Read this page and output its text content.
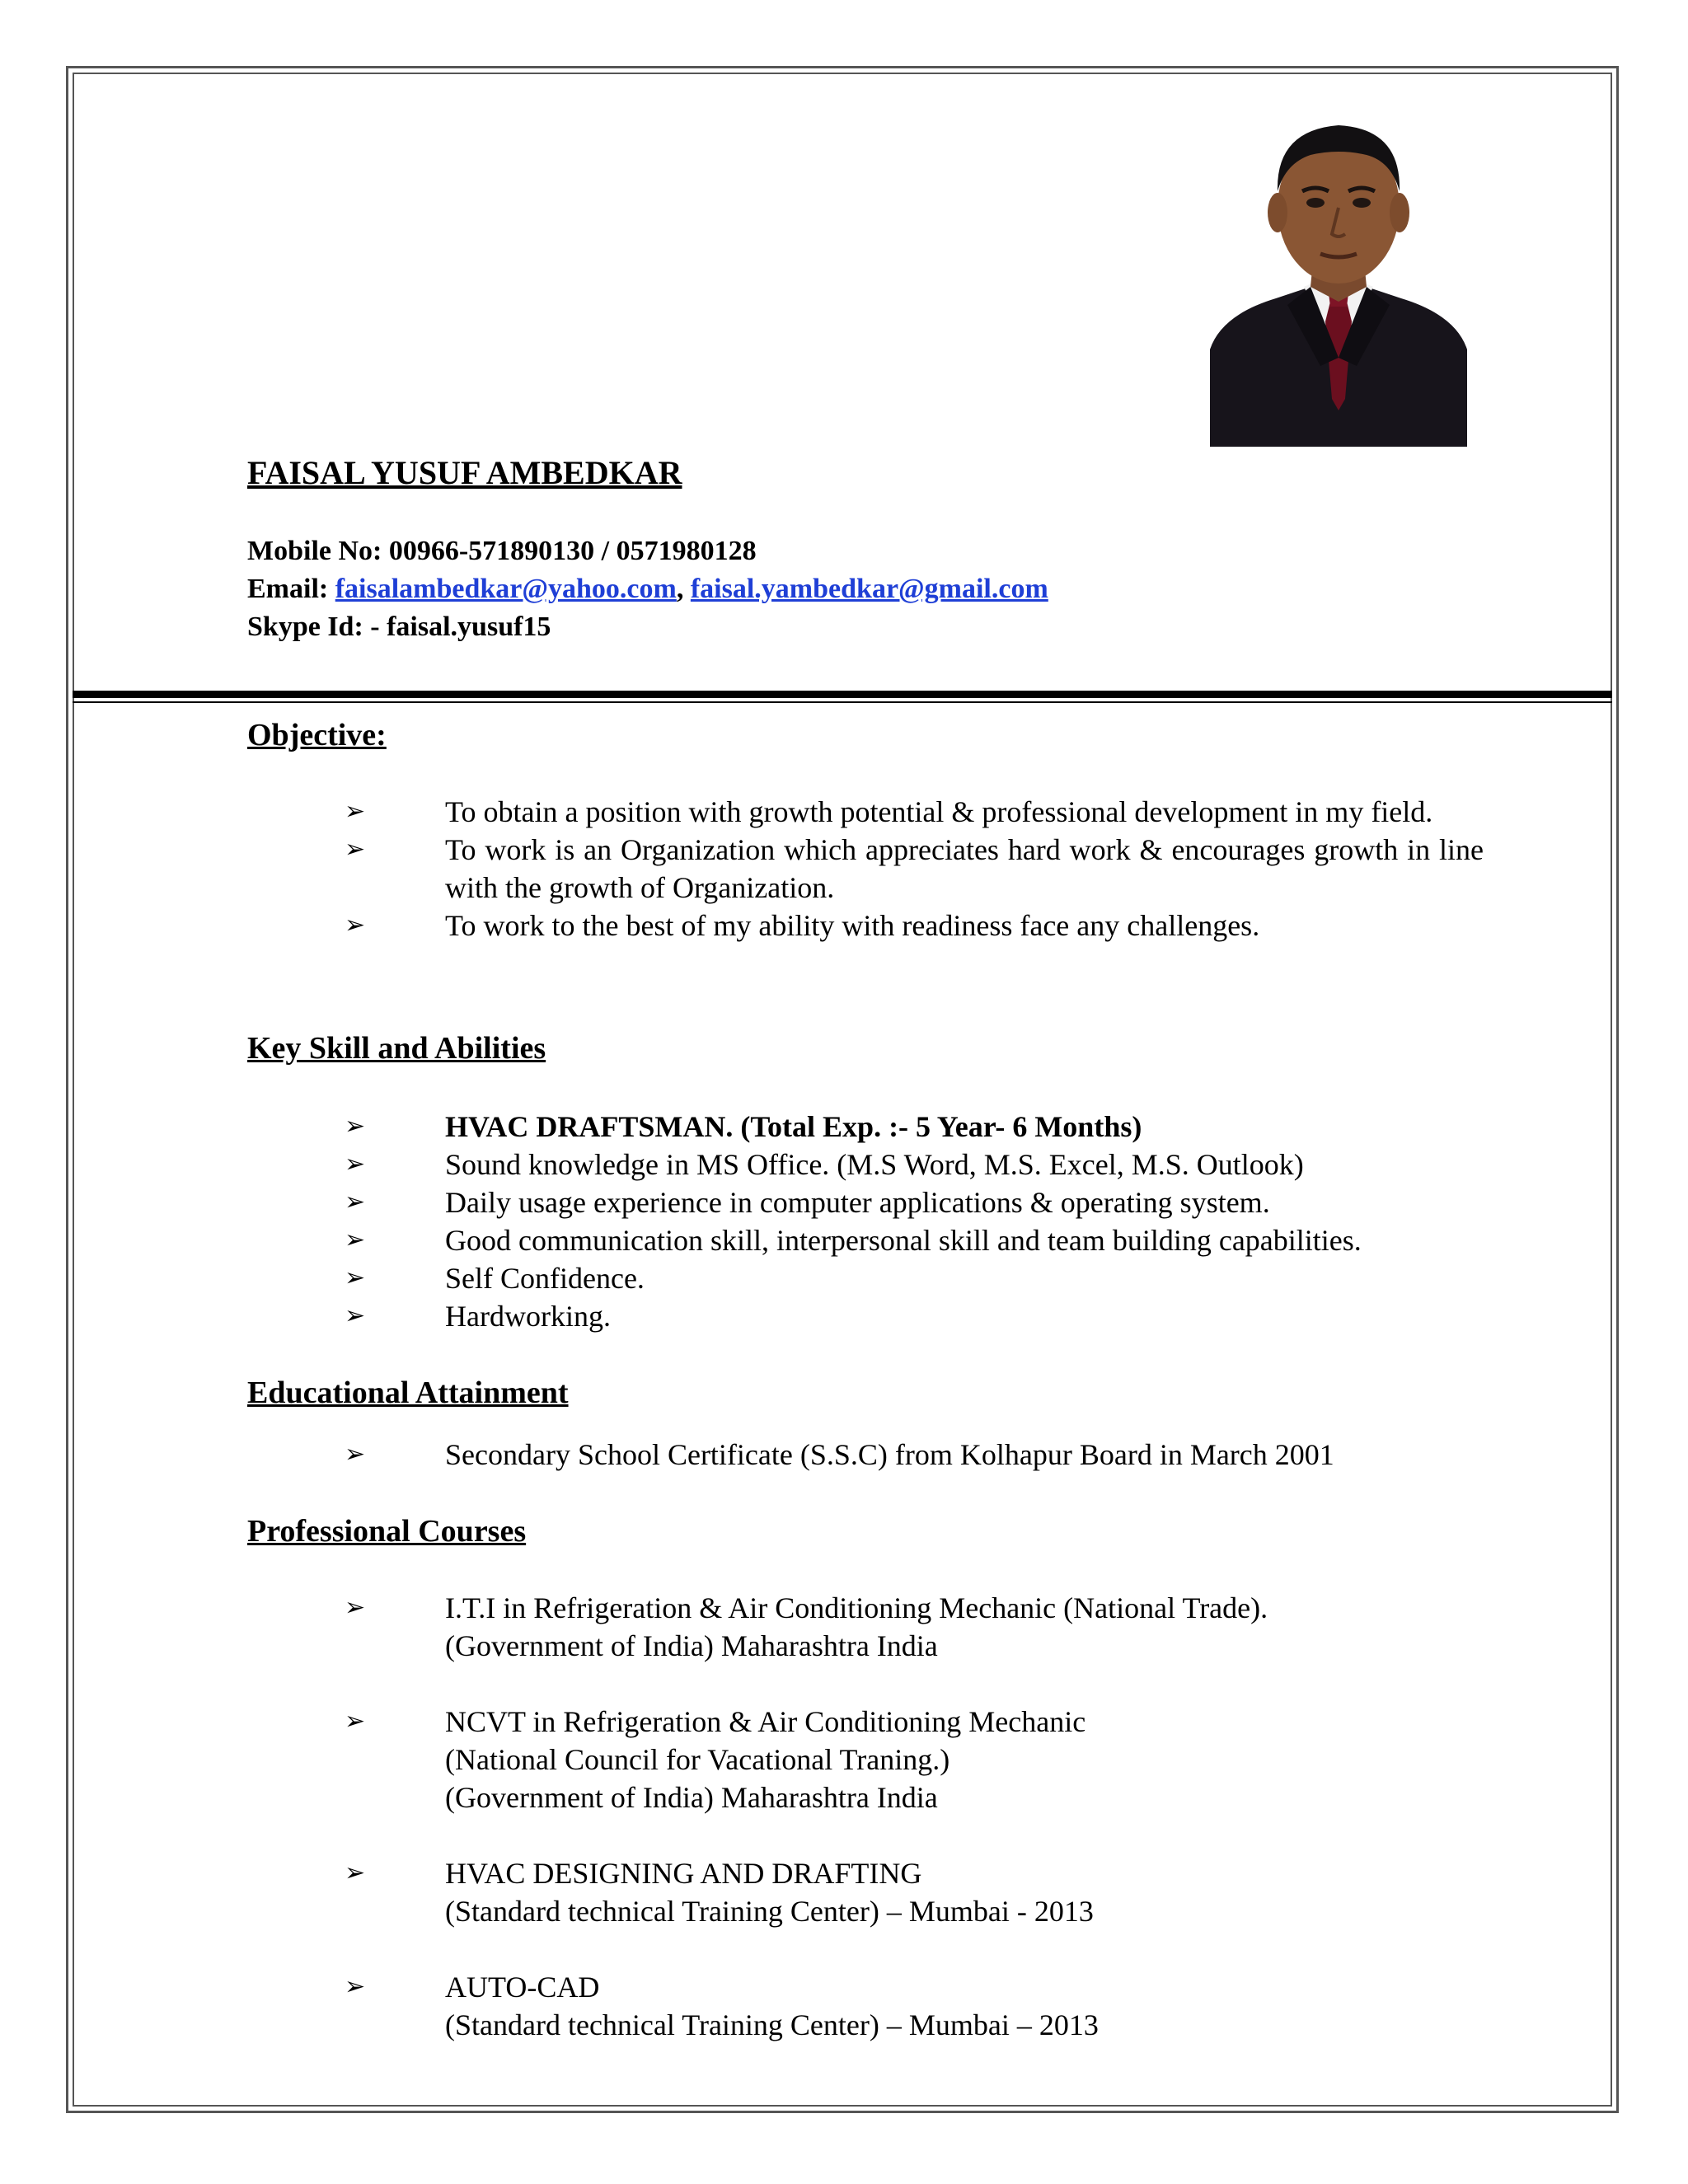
FAISAL YUSUF AMBEDKAR
Mobile No: 00966-571890130 / 0571980128
Email: faisalambedkar@yahoo.com, faisal.yambedkar@gmail.com
Skype Id: - faisal.yusuf15
Objective:
➢	To obtain a position with growth potential & professional development in my field.
➢	To work is an Organization which appreciates hard work & encourages growth in line with the growth of Organization.
➢	To work to the best of my ability with readiness face any challenges.
Key Skill and Abilities
➢	HVAC DRAFTSMAN. (Total Exp. :- 5 Year- 6 Months)
➢	Sound knowledge in MS Office. (M.S Word, M.S. Excel, M.S. Outlook)
➢	Daily usage experience in computer applications & operating system.
➢	Good communication skill, interpersonal skill and team building capabilities.
➢	Self Confidence.
➢	Hardworking.
Educational Attainment
➢	Secondary School Certificate (S.S.C) from Kolhapur Board in March 2001
Professional Courses
➢	I.T.I in Refrigeration & Air Conditioning Mechanic (National Trade).
(Government of India) Maharashtra India
➢	NCVT in Refrigeration & Air Conditioning Mechanic
(National Council for Vacational Traning.)
(Government of India) Maharashtra India
➢	HVAC DESIGNING AND DRAFTING
(Standard technical Training Center) – Mumbai - 2013
➢	AUTO-CAD
(Standard technical Training Center) – Mumbai – 2013
